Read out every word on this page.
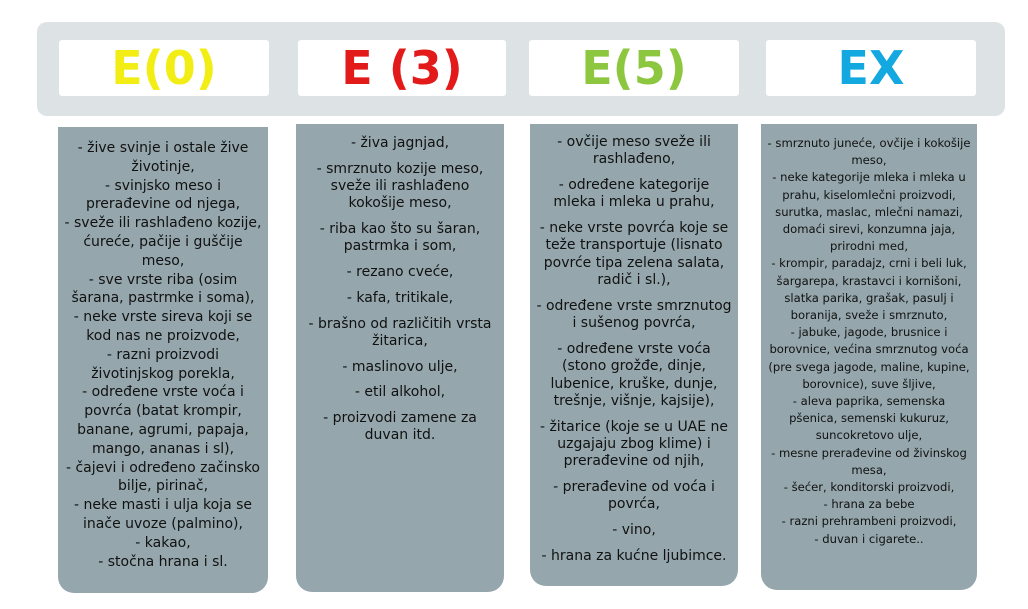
E(0)	E (3)	E(5)	EX
- žive svinje i ostale žive životinje,
- svinjsko meso i prerađevine od njega,
- sveže ili rashlađeno kozije, ćureće, pačije i guščije meso,
- sve vrste riba (osim šarana, pastrmke i soma),
- neke vrste sireva koji se kod nas ne proizvode,
- razni proizvodi životinjskog porekla,
- određene vrste voća i povrća (batat krompir, banane, agrumi, papaja, mango, ananas i sl),
- čajevi i određeno začinsko bilje, pirinač,
- neke masti i ulja koja se inače uvoze (palmino),
- kakao,
- stočna hrana i sl.
- živa jagnjad,
- smrznuto kozije meso, sveže ili rashlađeno kokošije meso,
- riba kao što su šaran, pastrmka i som,
- rezano cveće,
- kafa, tritikale,
- brašno od različitih vrsta žitarica,
- maslinovo ulje,
- etil alkohol,
- proizvodi zamene za duvan itd.
- ovčije meso sveže ili rashlađeno,
- određene kategorije mleka i mleka u prahu,
- neke vrste povrća koje se teže transportuje (lisnato povrće tipa zelena salata, radič i sl.),
- određene vrste smrznutog i sušenog povrća,
- određene vrste voća (stono grožđe, dinje, lubenice, kruške, dunje, trešnje, višnje, kajsije),
- žitarice (koje se u UAE ne uzgajaju zbog klime) i prerađevine od njih,
- prerađevine od voća i povrća,
- vino,
- hrana za kućne ljubimce.
- smrznuto juneće, ovčije i kokošije meso,
- neke kategorije mleka i mleka u prahu, kiselomlečni proizvodi, surutka, maslac, mlečni namazi, domaći sirevi, konzumna jaja, prirodni med,
- krompir, paradajz, crni i beli luk, šargarepa, krastavci i kornišoni, slatka parika, grašak, pasulj i boranija, sveže i smrznuto,
- jabuke, jagode, brusnice i borovnice, većina smrznutog voća (pre svega jagode, maline, kupine, borovnice), suve šljive,
- aleva paprika, semenska pšenica, semenski kukuruz, suncokretovo ulje,
- mesne prerađevine od živinskog mesa,
- šećer, konditorski proizvodi,
- hrana za bebe
- razni prehrambeni proizvodi,
- duvan i cigarete..
